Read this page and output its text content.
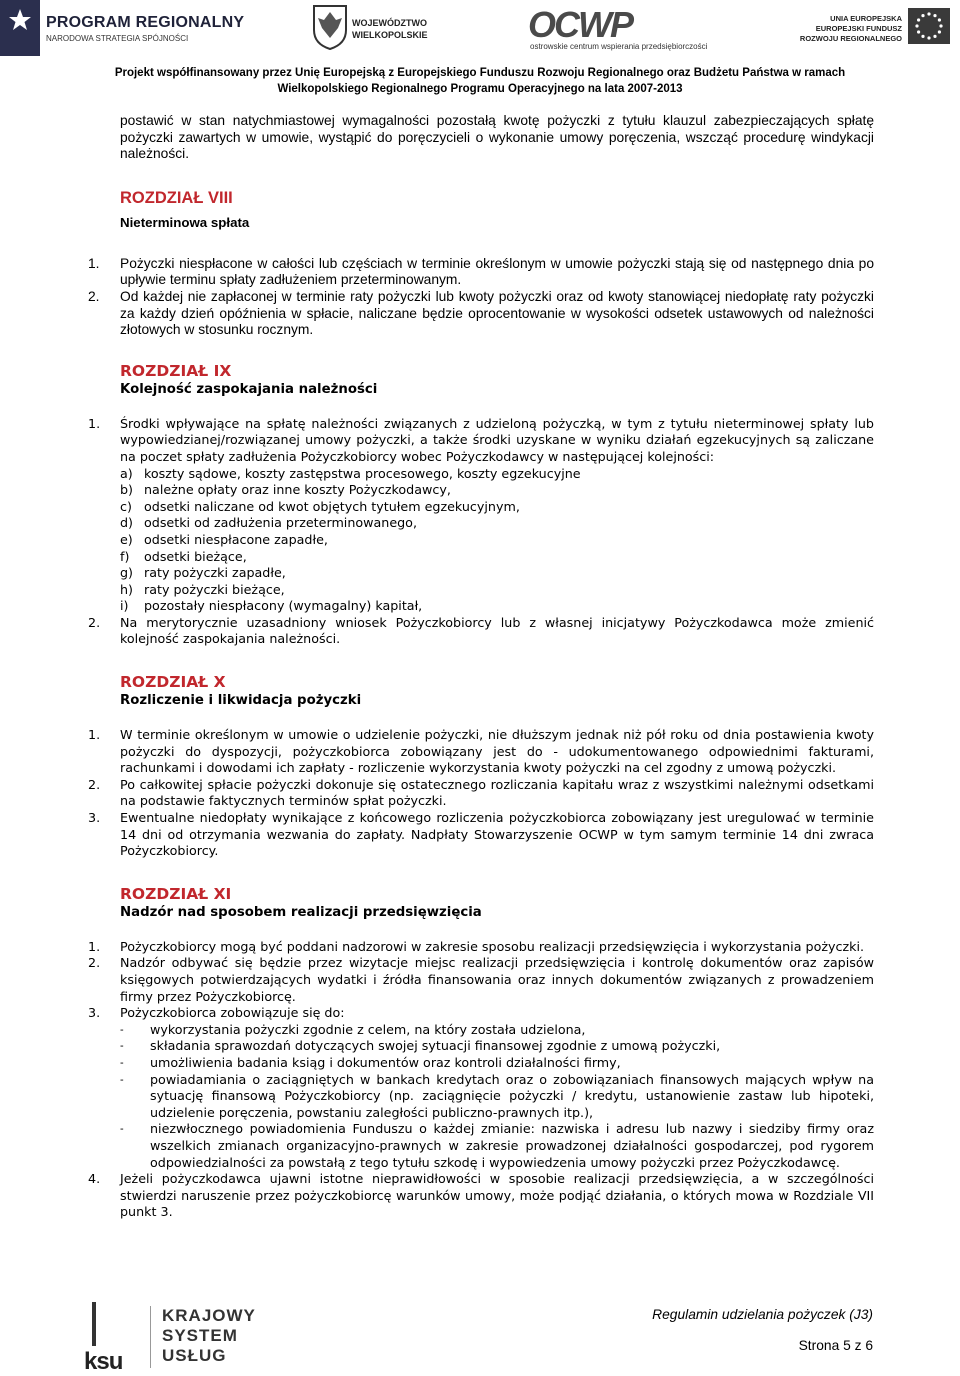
PROGRAM REGIONALNY
NARODOWA STRATEGIA SPÓJNOŚCI
WOJEWÓDZTWO
WIELKOPOLSKIE	OCWP
ostrowskie centrum wspierania przedsiębiorczości
UNIA EUROPEJSKA
EUROPEJSKI FUNDUSZ
ROZWOJU REGIONALNEGO
Projekt współfinansowany przez Unię Europejską z Europejskiego Funduszu Rozwoju Regionalnego oraz Budżetu Państwa w ramach
Wielkopolskiego Regionalnego Programu Operacyjnego na lata 2007-2013

postawić w stan natychmiastowej wymagalności pozostałą kwotę pożyczki z tytułu klauzul zabezpieczających spłatę pożyczki zawartych w umowie, wystąpić do poręczycieli o wykonanie umowy poręczenia, wszcząć procedurę windykacji należności.

ROZDZIAŁ VIII

Nieterminowa spłata

1. Pożyczki niespłacone w całości lub częściach w terminie określonym w umowie pożyczki stają się od następnego dnia po upływie terminu spłaty zadłużeniem przeterminowanym.
2. Od każdej nie zapłaconej w terminie raty pożyczki lub kwoty pożyczki oraz od kwoty stanowiącej niedopłatę raty pożyczki za każdy dzień opóźnienia w spłacie, naliczane będzie oprocentowanie w wysokości odsetek ustawowych od należności złotowych w stosunku rocznym.

ROZDZIAŁ IX

Kolejność zaspokajania należności

1. Środki wpływające na spłatę należności związanych z udzieloną pożyczką, w tym z tytułu nieterminowej spłaty lub wypowiedzianej/rozwiązanej umowy pożyczki, a także środki uzyskane w wyniku działań egzekucyjnych są zaliczane na poczet spłaty zadłużenia Pożyczkobiorcy wobec Pożyczkodawcy w następującej kolejności:
a) koszty sądowe, koszty zastępstwa procesowego, koszty egzekucyjne
b) należne opłaty oraz inne koszty Pożyczkodawcy,
c) odsetki naliczane od kwot objętych tytułem egzekucyjnym,
d) odsetki od zadłużenia przeterminowanego,
e) odsetki niespłacone zapadłe,
f)	odsetki bieżące,
g) raty pożyczki zapadłe,
h) raty pożyczki bieżące,
i)	pozostały niespłacony (wymagalny) kapitał,
2. Na merytorycznie uzasadniony wniosek Pożyczkobiorcy lub z własnej inicjatywy Pożyczkodawca może zmienić kolejność zaspokajania należności.

ROZDZIAŁ X

Rozliczenie i likwidacja pożyczki

1. W terminie określonym w umowie o udzielenie pożyczki, nie dłuższym jednak niż pół roku od dnia postawienia kwoty pożyczki do dyspozycji, pożyczkobiorca zobowiązany jest do - udokumentowanego odpowiednimi fakturami, rachunkami i dowodami ich zapłaty - rozliczenie wykorzystania kwoty pożyczki na cel zgodny z umową pożyczki.
2. Po całkowitej spłacie pożyczki dokonuje się ostatecznego rozliczania kapitału wraz z wszystkimi należnymi odsetkami na podstawie faktycznych terminów spłat pożyczki.
3. Ewentualne niedopłaty wynikające z końcowego rozliczenia pożyczkobiorca zobowiązany jest uregulować w terminie 14 dni od otrzymania wezwania do zapłaty. Nadpłaty Stowarzyszenie OCWP w tym samym terminie 14 dni zwraca Pożyczkobiorcy.

ROZDZIAŁ XI

Nadzór nad sposobem realizacji przedsięwzięcia

1. Pożyczkobiorcy mogą być poddani nadzorowi w zakresie sposobu realizacji przedsięwzięcia i wykorzystania pożyczki.
2. Nadzór odbywać się będzie przez wizytacje miejsc realizacji przedsięwzięcia i kontrolę dokumentów oraz zapisów księgowych potwierdzających wydatki i źródła finansowania oraz innych dokumentów związanych z prowadzeniem firmy przez Pożyczkobiorcę.
3. Pożyczkobiorca zobowiązuje się do:
- wykorzystania pożyczki zgodnie z celem, na który została udzielona,
- składania sprawozdań dotyczących swojej sytuacji finansowej zgodnie z umową pożyczki,
- umożliwienia badania ksiąg i dokumentów oraz kontroli działalności firmy,
- powiadamiania o zaciągniętych w bankach kredytach oraz o zobowiązaniach finansowych mających wpływ na sytuację finansową Pożyczkobiorcy (np. zaciągnięcie pożyczki / kredytu, ustanowienie zastaw lub hipoteki, udzielenie poręczenia, powstaniu zaległości publiczno-prawnych itp.),
- niezwłocznego powiadomienia Funduszu o każdej zmianie: nazwiska i adresu lub nazwy i siedziby firmy oraz wszelkich zmianach organizacyjno-prawnych w zakresie prowadzonej działalności gospodarczej, pod rygorem odpowiedzialności za powstałą z tego tytułu szkodę i wypowiedzenia umowy pożyczki przez Pożyczkodawcę.
4. Jeżeli pożyczkodawca ujawni istotne nieprawidłowości w sposobie realizacji przedsięwzięcia, a w szczególności stwierdzi naruszenie przez pożyczkobiorcę warunków umowy, może podjąć działania, o których mowa w Rozdziale VII punkt 3.
ksu
KRAJOWY
SYSTEM
USŁUG
Regulamin udzielania pożyczek (J3)
Strona 5 z 6
